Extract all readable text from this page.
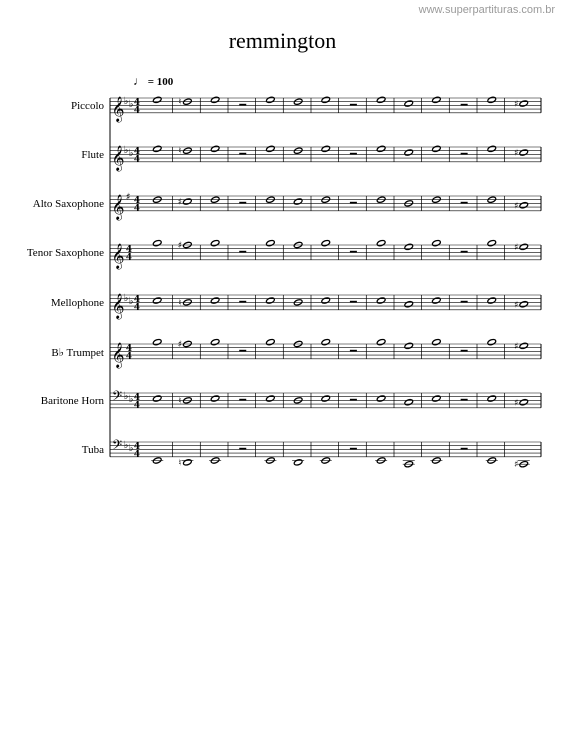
www.superpartituras.com.br
remmington
♩ = 100
Piccolo
Flute
Alto Saxophone
Tenor Saxophone
Mellophone
B♭ Trumpet
Baritone Horn
Tuba
𝄞 ♭ ♭ 4
4
♮	♯
𝄞 ♭ ♭ 4
4
♮	♯
𝄞 ♯ 4
4
♯	♯
𝄞 4
4
♯	♯
𝄞 ♭ ♭ 4
4	♮	♯
𝄞 4
4
♯	♯
𝄢 ♭ ♭ 4
4	♮	♯
𝄢 ♭ ♭ 4
4
♮	♯
